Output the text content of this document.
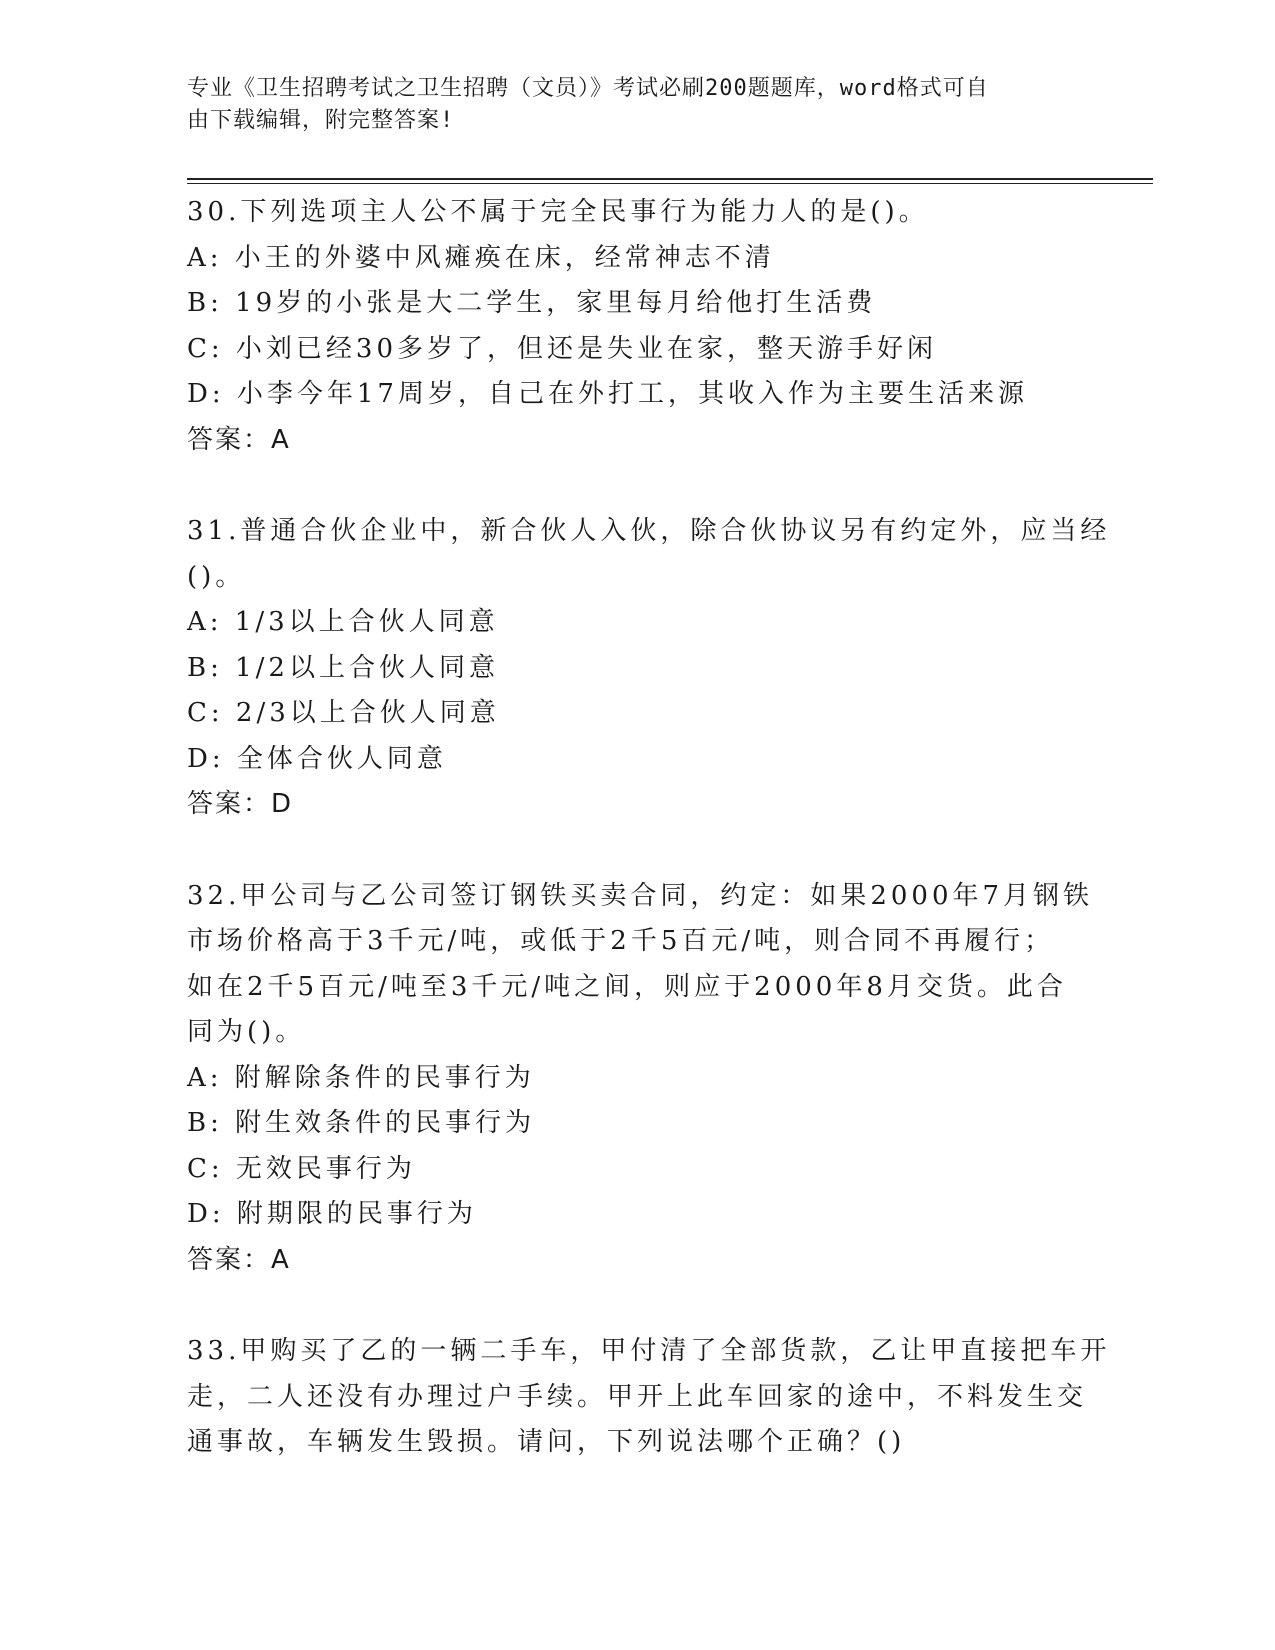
专业《卫生招聘考试之卫生招聘（文员）》考试必刷200题题库，word格式可自
由下载编辑，附完整答案!
30.下列选项主人公不属于完全民事行为能力人的是()。
A: 小王的外婆中风瘫痪在床，经常神志不清
B: 19岁的小张是大二学生，家里每月给他打生活费
C: 小刘已经30多岁了，但还是失业在家，整天游手好闲
D: 小李今年17周岁，自己在外打工，其收入作为主要生活来源
答案：A
31.普通合伙企业中，新合伙人入伙，除合伙协议另有约定外，应当经
()。
A: 1/3以上合伙人同意
B: 1/2以上合伙人同意
C: 2/3以上合伙人同意
D: 全体合伙人同意
答案：D
32.甲公司与乙公司签订钢铁买卖合同，约定：如果2000年7月钢铁
市场价格高于3千元/吨，或低于2千5百元/吨，则合同不再履行；
如在2千5百元/吨至3千元/吨之间，则应于2000年8月交货。此合
同为()。
A: 附解除条件的民事行为
B: 附生效条件的民事行为
C: 无效民事行为
D: 附期限的民事行为
答案：A
33.甲购买了乙的一辆二手车，甲付清了全部货款，乙让甲直接把车开
走，二人还没有办理过户手续。甲开上此车回家的途中，不料发生交
通事故，车辆发生毁损。请问，下列说法哪个正确？()
